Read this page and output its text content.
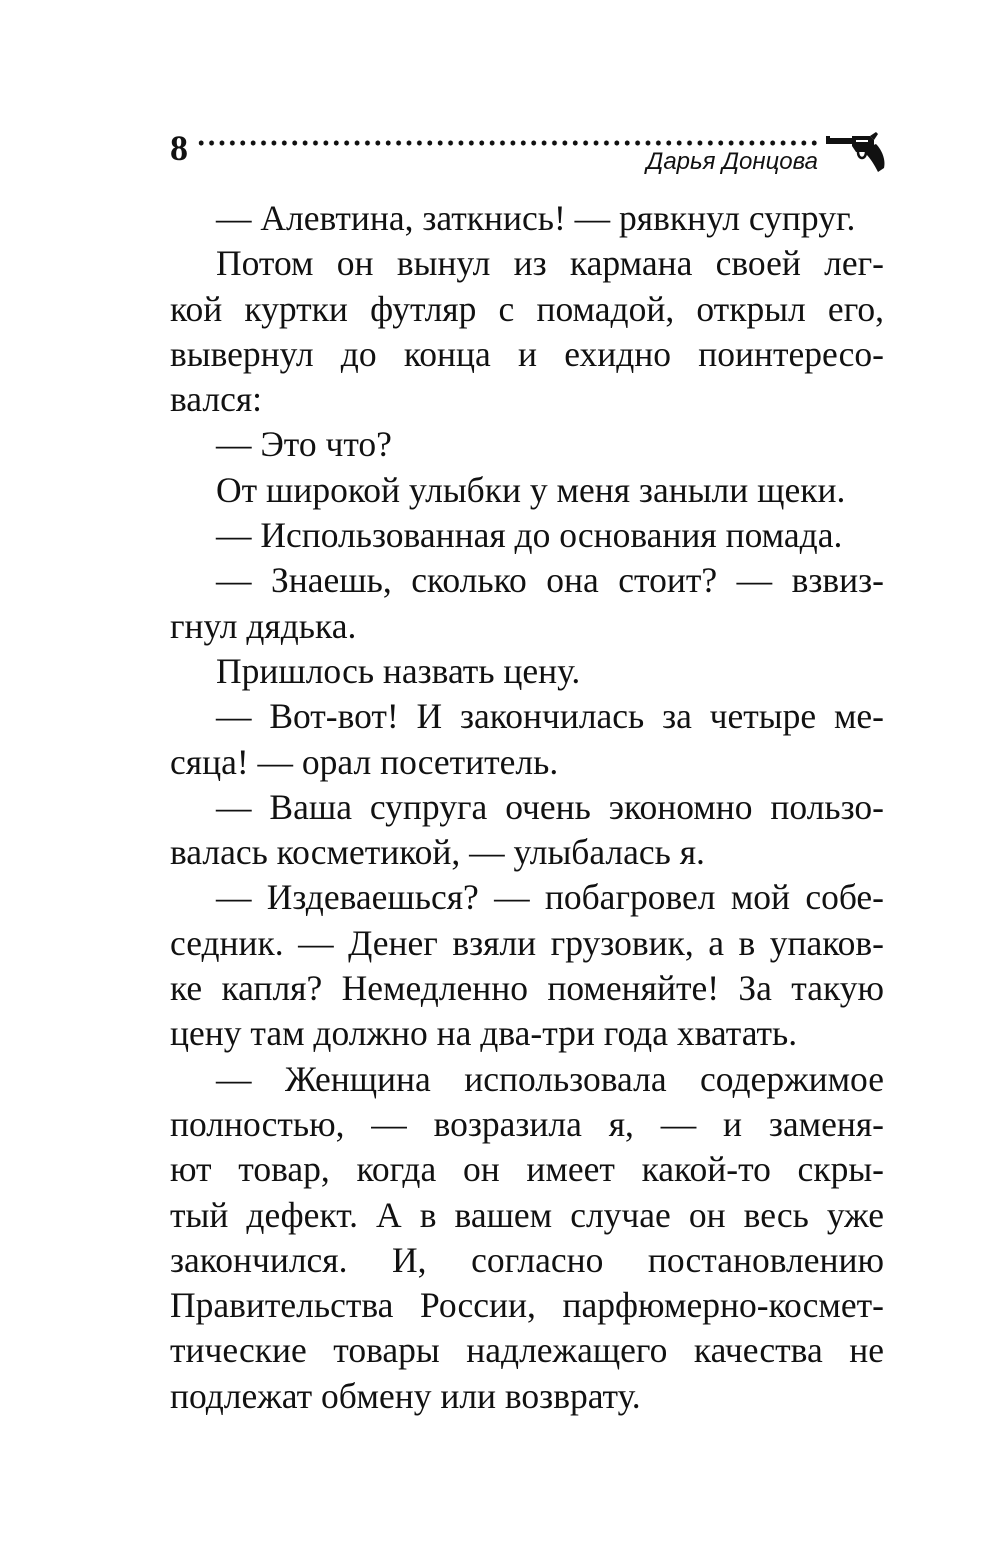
8	Дарья Донцова
— Алевтина, заткнись! — рявкнул супруг.
Потом он вынул из кармана своей лег-
кой куртки футляр с помадой, открыл его,
вывернул до конца и ехидно поинтересо-
вался:
— Это что?
От широкой улыбки у меня заныли щеки.
— Использованная до основания помада.
— Знаешь, сколько она стоит? — взвиз-
гнул дядька.
Пришлось назвать цену.
— Вот-вот! И закончилась за четыре ме-
сяца! — орал посетитель.
— Ваша супруга очень экономно пользо-
валась косметикой, — улыбалась я.
— Издеваешься? — побагровел мой собе-
седник. — Денег взяли грузовик, а в упаков-
ке капля? Немедленно поменяйте! За такую
цену там должно на два-три года хватать.
— Женщина использовала содержимое
полностью, — возразила я, — и заменя-
ют товар, когда он имеет какой-то скры-
тый дефект. А в вашем случае он весь уже
закончился. И, согласно постановлению
Правительства России, парфюмерно-космет-
тические товары надлежащего качества не
подлежат обмену или возврату.
